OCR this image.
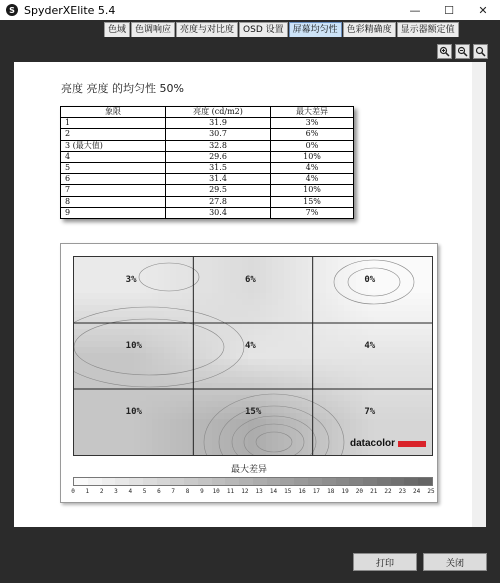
S SpyderXElite 5.4	—	☐	✕
色域	色调响应	亮度与对比度	OSD 设置	屏幕均匀性	色彩精确度	显示器额定值
亮度 亮度 的均匀性 50%
象限	亮度 (cd/m2)	最大差异
1	31.9	3%
2	30.7	6%
3 (最大值)	32.8	0%
4	29.6	10%
5	31.5	4%
6	31.4	4%
7	29.5	10%
8	27.8	15%
9	30.4	7%
3%	6%	0%
10%	4%	4%
10%	15%	7%
datacolor
最大差异
0 1 2 3 4 5 6 7 8 9 10 11 12 13 14 15 16 17 18 19 20 21 22 23 24 25
打印	关闭
